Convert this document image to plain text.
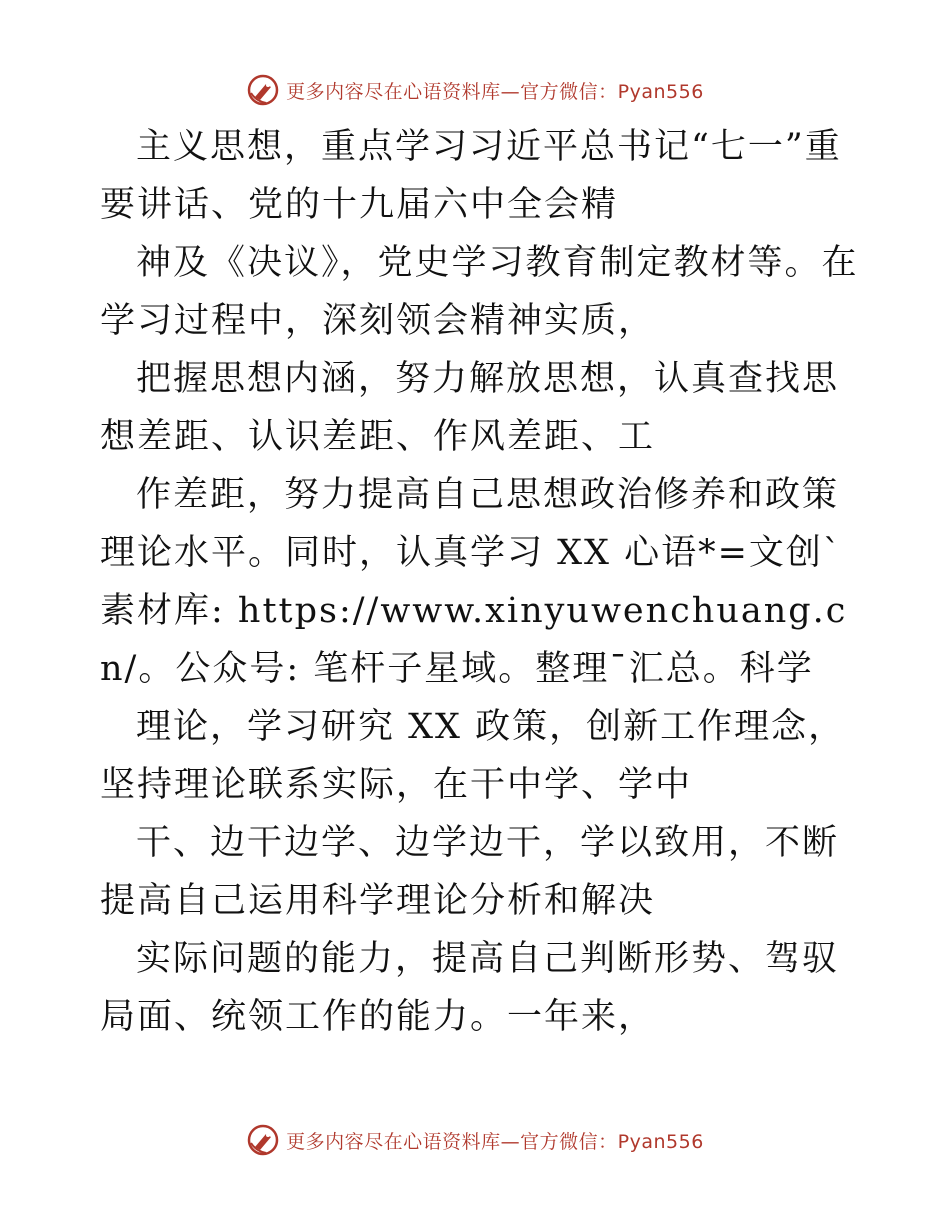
更多内容尽在心语资料库—官方微信：Pyan556

主义思想，重点学习习近平总书记“七一”重要讲话、党的十九届六中全会精

神及《决议》，党史学习教育制定教材等。在学习过程中，深刻领会精神实质，

把握思想内涵，努力解放思想，认真查找思想差距、认识差距、作风差距、工

作差距，努力提高自己思想政治修养和政策理论水平。同时，认真学习 XX 心语*=文创`素材库: https://www.xinyuwenchuang.cn/。公众号: 笔杆子星域。整理¯汇总。科学

理论，学习研究 XX 政策，创新工作理念，坚持理论联系实际，在干中学、学中

干、边干边学、边学边干，学以致用，不断提高自己运用科学理论分析和解决

实际问题的能力，提高自己判断形势、驾驭局面、统领工作的能力。一年来，

更多内容尽在心语资料库—官方微信：Pyan556
